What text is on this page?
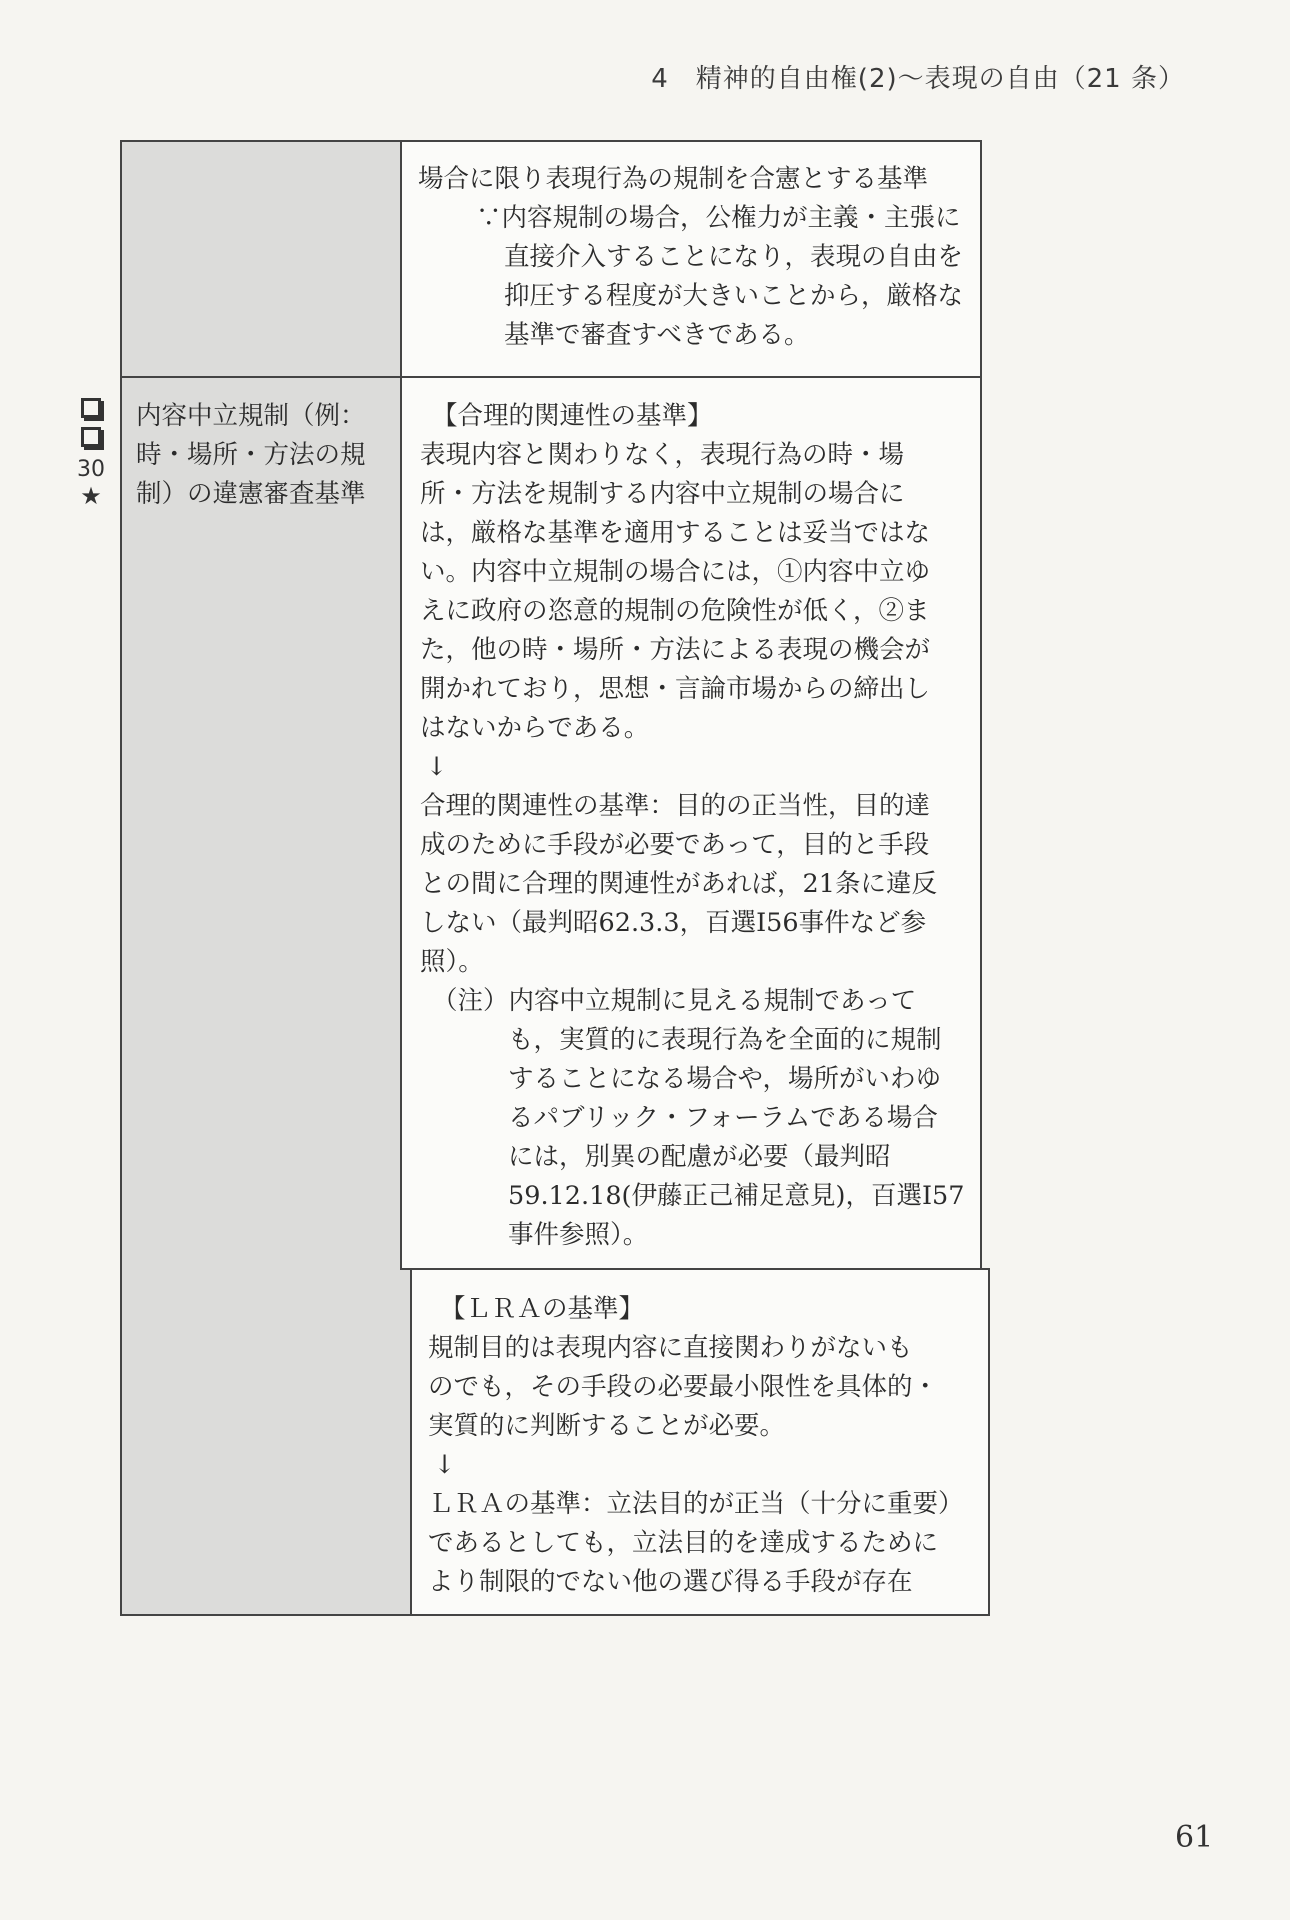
4　精神的自由権(2)〜表現の自由（21 条）
30
★
場合に限り表現行為の規制を合憲とする基準
∵内容規制の場合，公権力が主義・主張に
直接介入することになり，表現の自由を
抑圧する程度が大きいことから，厳格な
基準で審査すべきである。
内容中立規制（例：
時・場所・方法の規
制）の違憲審査基準
【合理的関連性の基準】
表現内容と関わりなく，表現行為の時・場
所・方法を規制する内容中立規制の場合に
は，厳格な基準を適用することは妥当ではな
い。内容中立規制の場合には，①内容中立ゆ
えに政府の恣意的規制の危険性が低く，②ま
た，他の時・場所・方法による表現の機会が
開かれており，思想・言論市場からの締出し
はないからである。
↓
合理的関連性の基準：目的の正当性，目的達
成のために手段が必要であって，目的と手段
との間に合理的関連性があれば，21条に違反
しない（最判昭62.3.3，百選Ⅰ56事件など参
照）。
（注）内容中立規制に見える規制であって
も，実質的に表現行為を全面的に規制
することになる場合や，場所がいわゆ
るパブリック・フォーラムである場合
には，別異の配慮が必要（最判昭
59.12.18(伊藤正己補足意見)，百選Ⅰ57
事件参照）。
【ＬＲＡの基準】
規制目的は表現内容に直接関わりがないも
のでも，その手段の必要最小限性を具体的・
実質的に判断することが必要。
↓
ＬＲＡの基準：立法目的が正当（十分に重要）
であるとしても，立法目的を達成するために
より制限的でない他の選び得る手段が存在
61
